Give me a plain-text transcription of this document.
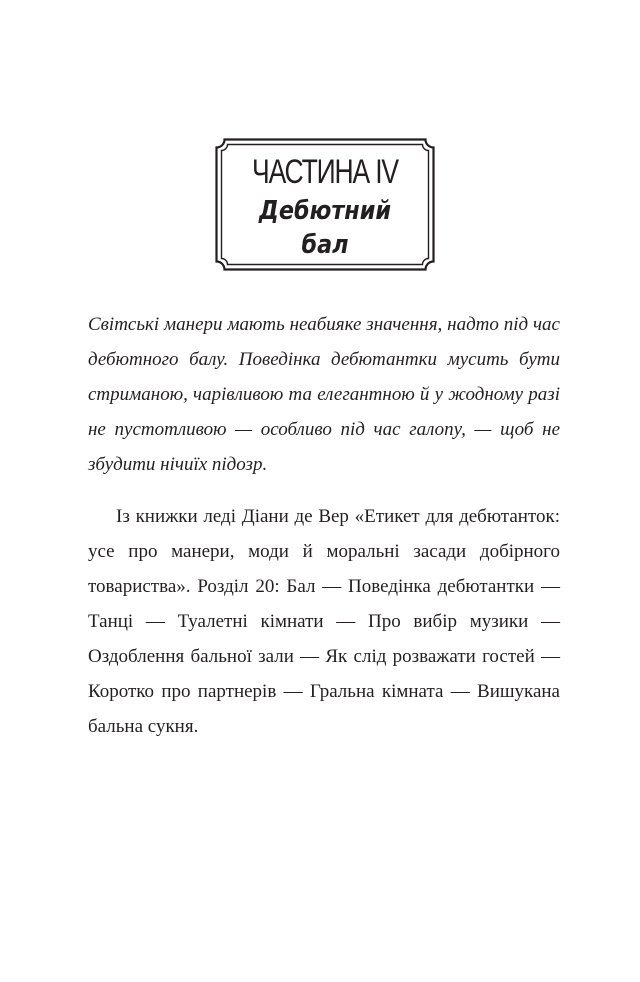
ЧАСТИНА IV
Дебютний
бал

Світські манери мають неабияке значення, надто під час дебютного балу. Поведінка дебютантки мусить бути стриманою, чарівливою та елегантною й у жодному разі не пустотливою — особливо під час галопу, — щоб не збудити нічиїх підозр.

Із книжки леді Діани де Вер «Етикет для дебютанток: усе про манери, моди й моральні засади добірного товариства». Розділ 20: Бал — Поведінка дебютантки — Танці — Туалетні кімнати — Про вибір музики — Оздоблення бальної зали — Як слід розважати гостей — Коротко про партнерів — Гральна кімната — Вишукана бальна сукня.
